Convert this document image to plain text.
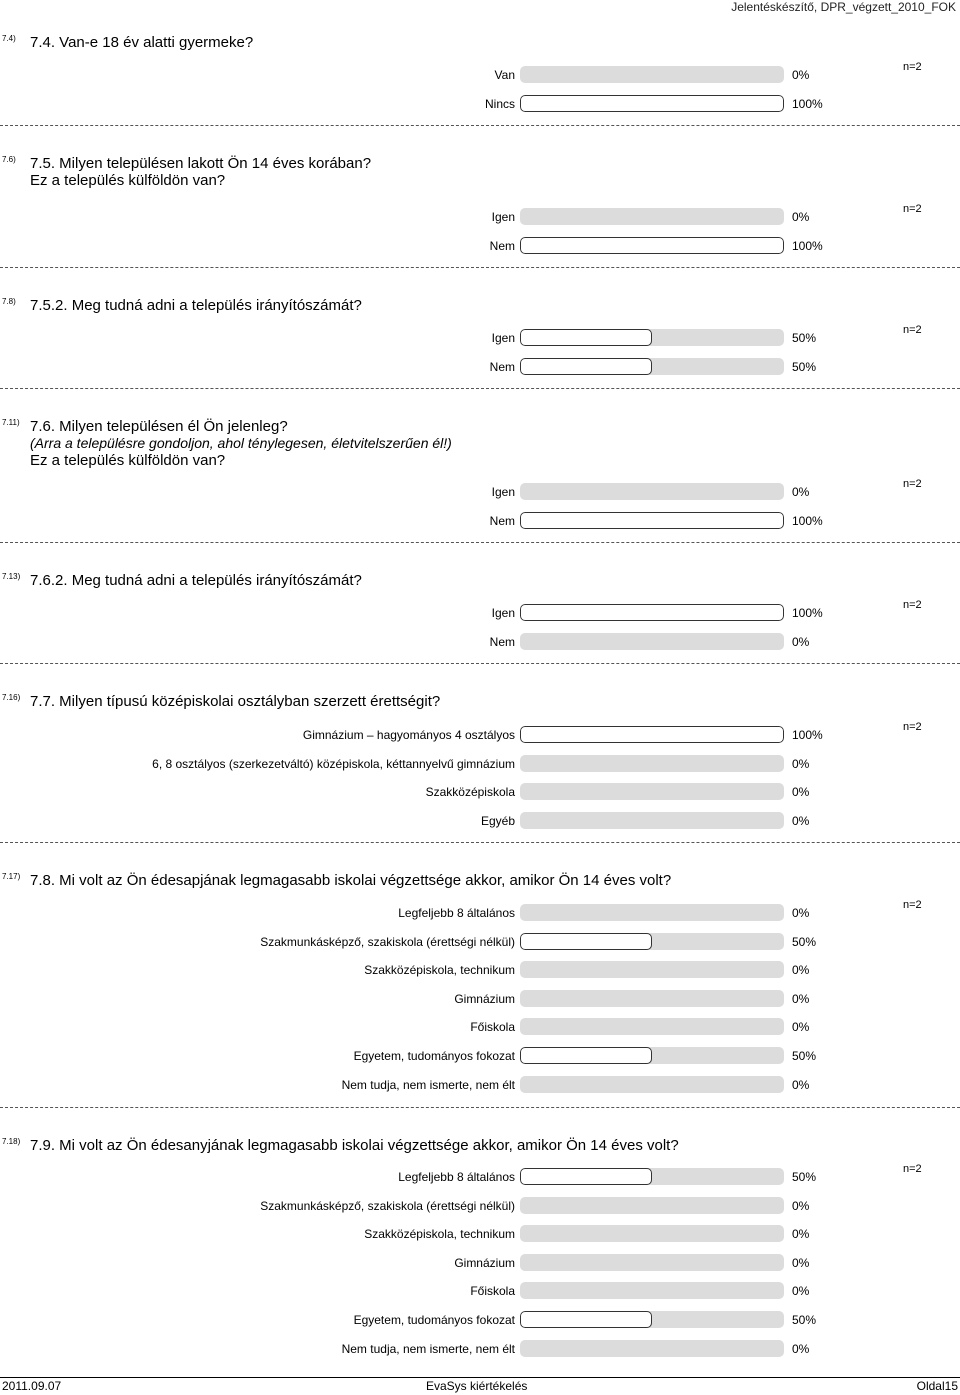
Jelentéskészítő, DPR_végzett_2010_FOK
7.4) 7.4. Van-e 18 év alatti gyermeke?
n=2
Van	0%
Nincs	100%
7.6) 7.5. Milyen településen lakott Ön 14 éves korában?
Ez a település külföldön van?
n=2
Igen	0%
Nem	100%
7.8) 7.5.2. Meg tudná adni a település irányítószámát?
n=2
Igen	50%
Nem	50%
7.11) 7.6. Milyen településen él Ön jelenleg?
(Arra a településre gondoljon, ahol ténylegesen, életvitelszerűen él!)
Ez a település külföldön van?
n=2
Igen	0%
Nem	100%
7.13) 7.6.2. Meg tudná adni a település irányítószámát?
n=2
Igen	100%
Nem	0%
7.16) 7.7. Milyen típusú középiskolai osztályban szerzett érettségit?
n=2
Gimnázium – hagyományos 4 osztályos	100%
6, 8 osztályos (szerkezetváltó) középiskola, kéttannyelvű gimnázium	0%
Szakközépiskola	0%
Egyéb	0%
7.17) 7.8. Mi volt az Ön édesapjának legmagasabb iskolai végzettsége akkor, amikor Ön 14 éves volt?
n=2
Legfeljebb 8 általános	0%
Szakmunkásképző, szakiskola (érettségi nélkül)	50%
Szakközépiskola, technikum	0%
Gimnázium	0%
Főiskola	0%
Egyetem, tudományos fokozat	50%
Nem tudja, nem ismerte, nem élt	0%
7.18) 7.9. Mi volt az Ön édesanyjának legmagasabb iskolai végzettsége akkor, amikor Ön 14 éves volt?
n=2
Legfeljebb 8 általános	50%
Szakmunkásképző, szakiskola (érettségi nélkül)	0%
Szakközépiskola, technikum	0%
Gimnázium	0%
Főiskola	0%
Egyetem, tudományos fokozat	50%
Nem tudja, nem ismerte, nem élt	0%
2011.09.07	EvaSys kiértékelés	Oldal15
